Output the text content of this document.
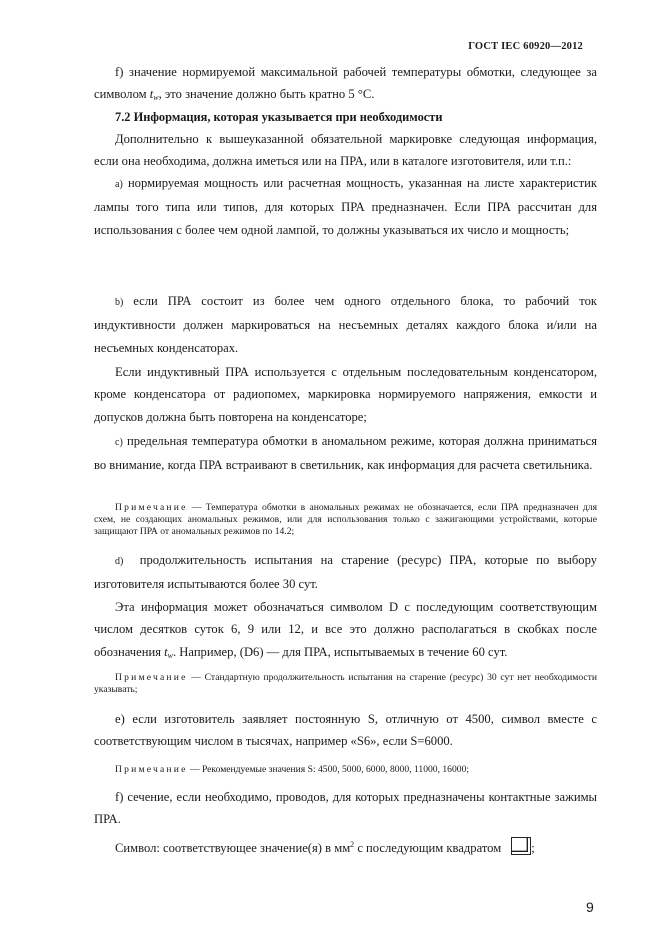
ГОСТ IEC 60920—2012

f) значение нормируемой максимальной рабочей температуры обмотки, следующее за символом $t_w$, это значение должно быть кратно 5 °C.

7.2 Информация, которая указывается при необходимости

Дополнительно к вышеуказанной обязательной маркировке следующая информация, если она необходима, должна иметься или на ПРА, или в каталоге изготовителя, или т.п.:

a) нормируемая мощность или расчетная мощность, указанная на листе характеристик лампы того типа или типов, для которых ПРА предназначен. Если ПРА рассчитан для использования с более чем одной лампой, то должны указываться их число и мощность;

b) если ПРА состоит из более чем одного отдельного блока, то рабочий ток индуктивности должен маркироваться на несъемных деталях каждого блока и/или на несъемных конденсаторах.

Если индуктивный ПРА используется с отдельным последовательным конденсатором, кроме конденсатора от радиопомех, маркировка нормируемого напряжения, емкости и допусков должна быть повторена на конденсаторе;

c) предельная температура обмотки в аномальном режиме, которая должна приниматься во внимание, когда ПРА встраивают в светильник, как информация для расчета светильника.

Примечание — Температура обмотки в аномальных режимах не обозначается, если ПРА предназначен для схем, не создающих аномальных режимов, или для использования только с зажигающими устройствами, которые защищают ПРА от аномальных режимов по 14.2;

d) продолжительность испытания на старение (ресурс) ПРА, которые по выбору изготовителя испытываются более 30 сут.

Эта информация может обозначаться символом D с последующим соответствующим числом десятков суток 6, 9 или 12, и все это должно располагаться в скобках после обозначения $t_w$. Например, (D6) — для ПРА, испытываемых в течение 60 сут.

Примечание — Стандартную продолжительность испытания на старение (ресурс) 30 сут нет необходимости указывать;

е) если изготовитель заявляет постоянную S, отличную от 4500, символ вместе с соответствующим числом в тысячах, например «S6», если S=6000.

Примечание — Рекомендуемые значения S: 4500, 5000, 6000, 8000, 11000, 16000;

f) сечение, если необходимо, проводов, для которых предназначены контактные зажимы ПРА.

Символ: соответствующее значение(я) в $мм^2$ с последующим квадратом ;

9
